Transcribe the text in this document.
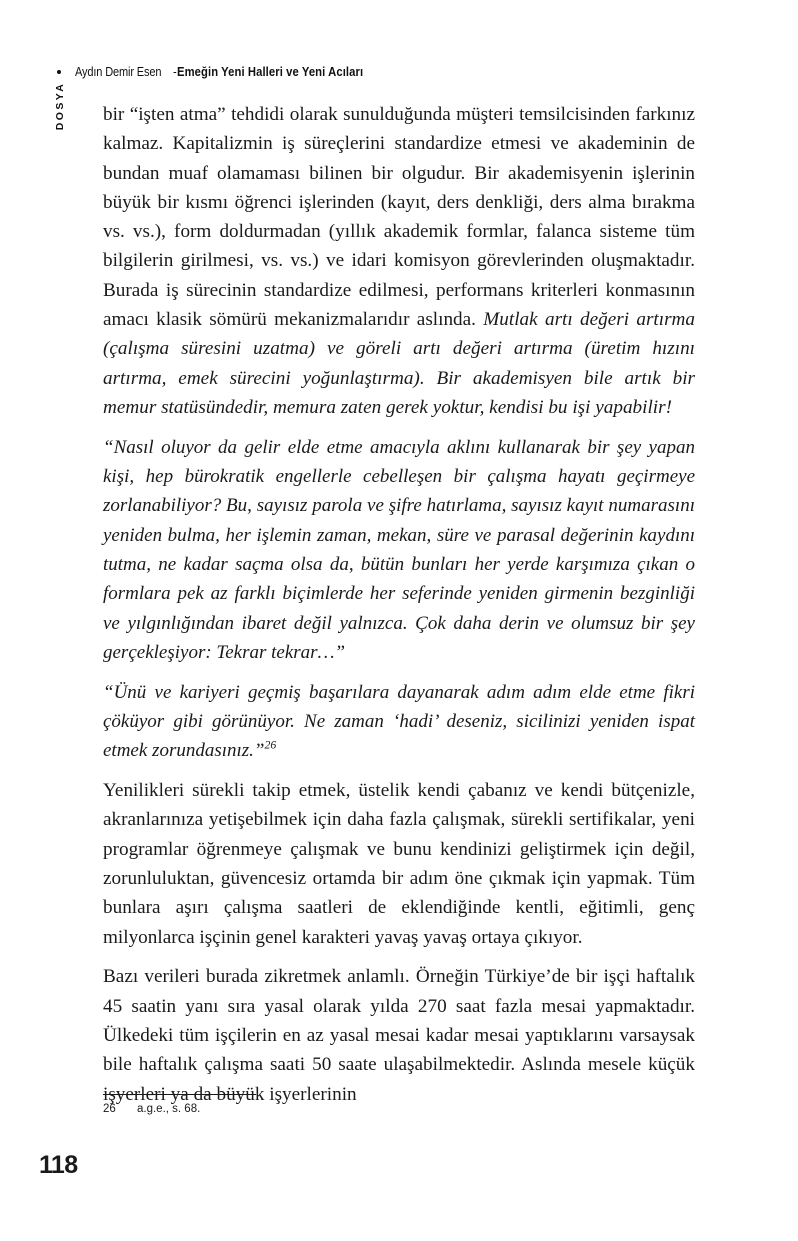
Aydın Demir Esen - Emeğin Yeni Halleri ve Yeni Acıları
DOSYA bir “işten atma” tehdidi olarak sunulduğunda müşteri temsilcisinden farkınız kalmaz. Kapitalizmin iş süreçlerini standardize etmesi ve akademinin de bundan muaf olamaması bilinen bir olgudur. Bir akademisyenin işlerinin büyük bir kısmı öğrenci işlerinden (kayıt, ders denkliği, ders alma bırakma vs. vs.), form doldurmadan (yıllık akademik formlar, falanca sisteme tüm bilgilerin girilmesi, vs. vs.) ve idari komisyon görevlerinden oluşmaktadır. Burada iş sürecinin standardize edilmesi, performans kriterleri konmasının amacı klasik sömürü mekanizmalarıdır aslında. Mutlak artı değeri artırma (çalışma süresini uzatma) ve göreli artı değeri artırma (üretim hızını artırma, emek sürecini yoğunlaştırma). Bir akademisyen bile artık bir memur statüsündedir, memura zaten gerek yoktur, kendisi bu işi yapabilir!

“Nasıl oluyor da gelir elde etme amacıyla aklını kullanarak bir şey yapan kişi, hep bürokratik engellerle cebelleşen bir çalışma hayatı geçirmeye zorlanabiliyor? Bu, sayısız parola ve şifre hatırlama, sayısız kayıt numarasını yeniden bulma, her işlemin zaman, mekan, süre ve parasal değerinin kaydını tutma, ne kadar saçma olsa da, bütün bunları her yerde karşımıza çıkan o formlara pek az farklı biçimlerde her seferinde yeniden girmenin bezginliği ve yılgınlığından ibaret değil yalnızca. Çok daha derin ve olumsuz bir şey gerçekleşiyor: Tekrar tekrar…”

“Ünü ve kariyeri geçmiş başarılara dayanarak adım adım elde etme fikri çöküyor gibi görünüyor. Ne zaman ‘hadi’ deseniz, sicilinizi yeniden ispat etmek zorundasınız.”$^{26}$

Yenilikleri sürekli takip etmek, üstelik kendi çabanız ve kendi bütçenizle, akranlarınıza yetişebilmek için daha fazla çalışmak, sürekli sertifikalar, yeni programlar öğrenmeye çalışmak ve bunu kendinizi geliştirmek için değil, zorunluluktan, güvencesiz ortamda bir adım öne çıkmak için yapmak. Tüm bunlara aşırı çalışma saatleri de eklendiğinde kentli, eğitimli, genç milyonlarca işçinin genel karakteri yavaş yavaş ortaya çıkıyor.

Bazı verileri burada zikretmek anlamlı. Örneğin Türkiye’de bir işçi haftalık 45 saatin yanı sıra yasal olarak yılda 270 saat fazla mesai yapmaktadır. Ülkedeki tüm işçilerin en az yasal mesai kadar mesai yaptıklarını varsaysak bile haftalık çalışma saati 50 saate ulaşabilmektedir. Aslında mesele küçük işyerleri ya da büyük işyerlerinin

26	a.g.e., s. 68.
118
